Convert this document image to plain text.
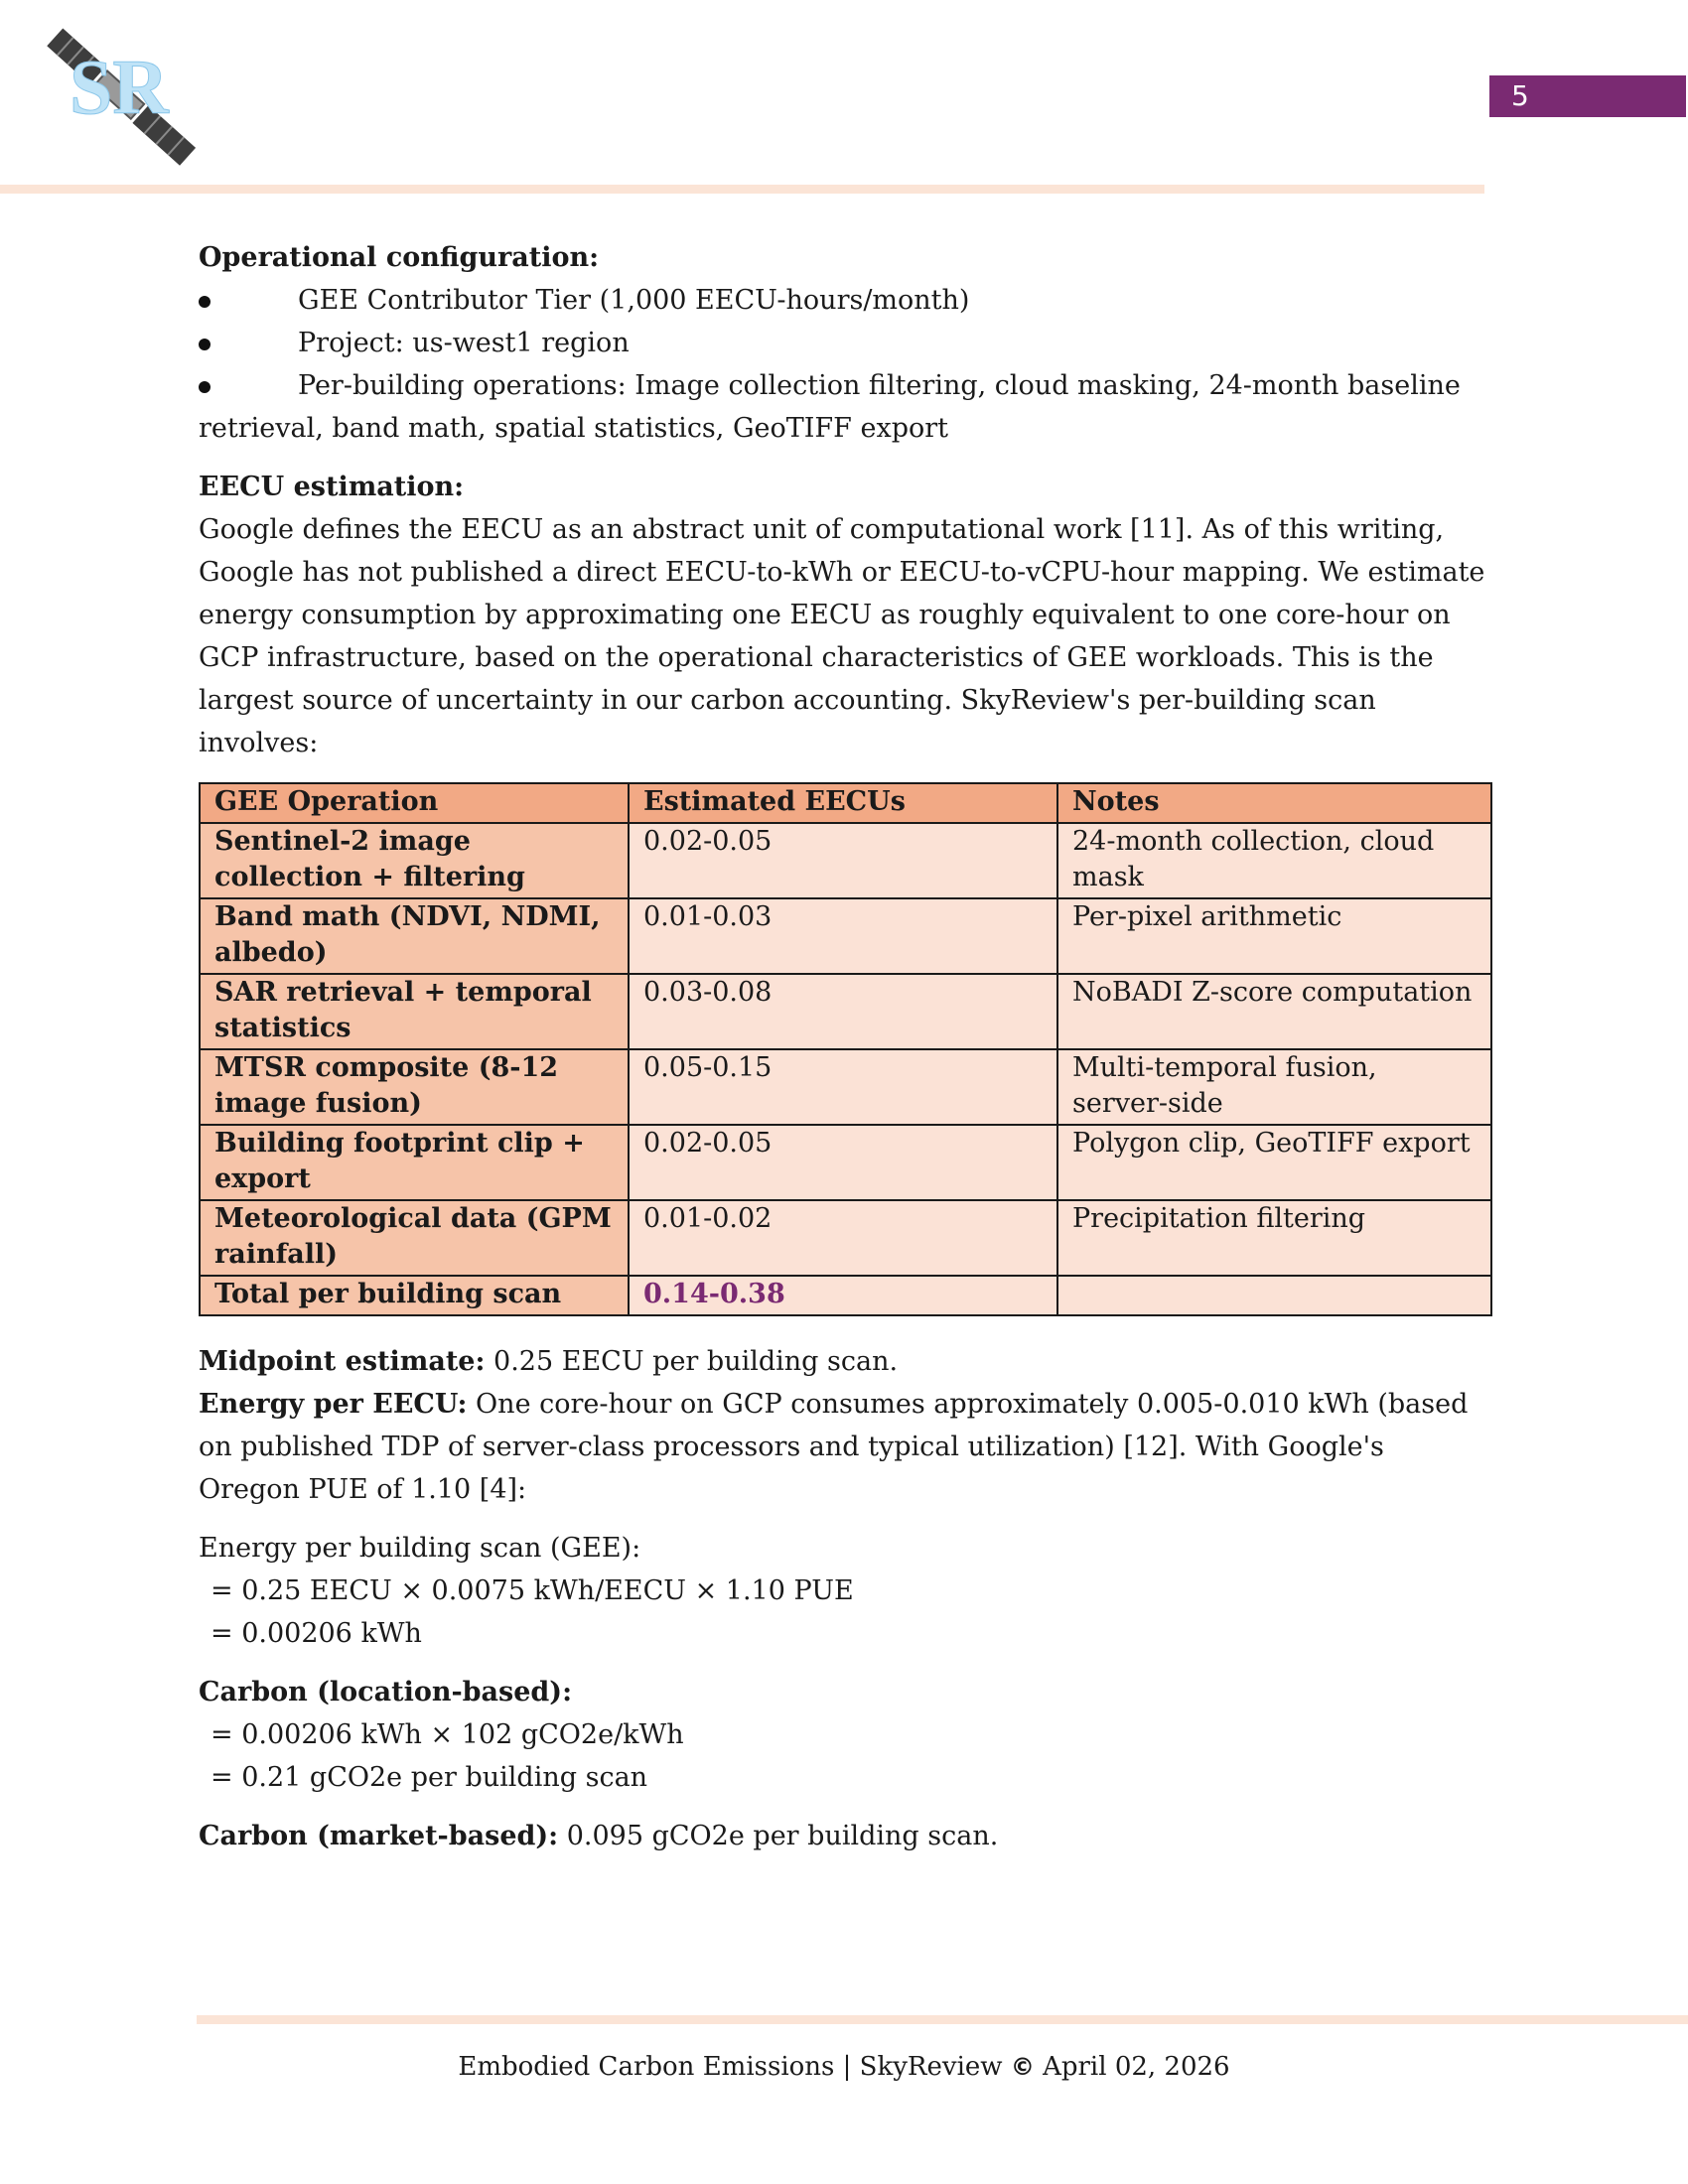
SR	5

Operational configuration:

GEE Contributor Tier (1,000 EECU-hours/month)
Project: us-west1 region
Per-building operations: Image collection filtering, cloud masking, 24-month baseline retrieval, band math, spatial statistics, GeoTIFF export

EECU estimation:

Google defines the EECU as an abstract unit of computational work [11]. As of this writing, Google has not published a direct EECU-to-kWh or EECU-to-vCPU-hour mapping. We estimate energy consumption by approximating one EECU as roughly equivalent to one core-hour on GCP infrastructure, based on the operational characteristics of GEE workloads. This is the largest source of uncertainty in our carbon accounting. SkyReview's per-building scan involves:

GEE Operation	Estimated EECUs	Notes
Sentinel-2 image collection + filtering	0.02-0.05	24-month collection, cloud mask
Band math (NDVI, NDMI, albedo)	0.01-0.03	Per-pixel arithmetic
SAR retrieval + temporal statistics	0.03-0.08	NoBADI Z-score computation
MTSR composite (8-12 image fusion)	0.05-0.15	Multi-temporal fusion, server-side
Building footprint clip + export	0.02-0.05	Polygon clip, GeoTIFF export
Meteorological data (GPM rainfall)	0.01-0.02	Precipitation filtering
Total per building scan	0.14-0.38	

Midpoint estimate: 0.25 EECU per building scan.

Energy per EECU: One core-hour on GCP consumes approximately 0.005-0.010 kWh (based on published TDP of server-class processors and typical utilization) [12]. With Google's Oregon PUE of 1.10 [4]:

Energy per building scan (GEE):

= 0.25 EECU × 0.0075 kWh/EECU × 1.10 PUE

= 0.00206 kWh

Carbon (location-based):

= 0.00206 kWh × 102 gCO2e/kWh

= 0.21 gCO2e per building scan

Carbon (market-based): 0.095 gCO2e per building scan.

Embodied Carbon Emissions | SkyReview © April 02, 2026
